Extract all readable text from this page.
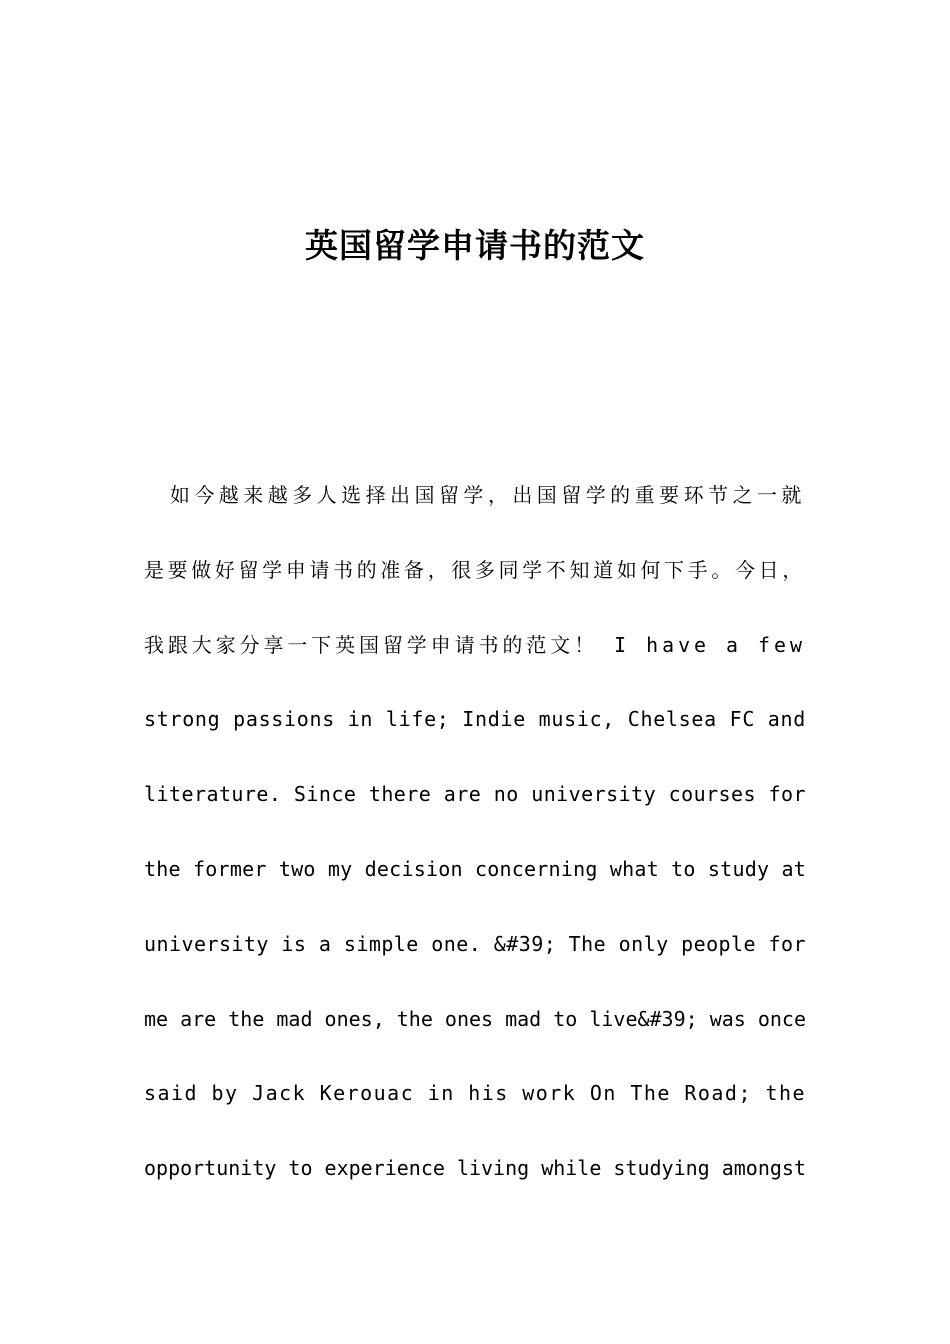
英国留学申请书的范文
如今越来越多人选择出国留学，出国留学的重要环节之一就
是要做好留学申请书的准备，很多同学不知道如何下手。今日，
我跟大家分享一下英国留学申请书的范文！ I have a few
strong passions in life; Indie music, Chelsea FC and
literature. Since there are no university courses for
the former two my decision concerning what to study at
university is a simple one. &#39; The only people for
me are the mad ones, the ones mad to live&#39; was once
said by Jack Kerouac in his work On The Road; the
opportunity to experience living while studying amongst
